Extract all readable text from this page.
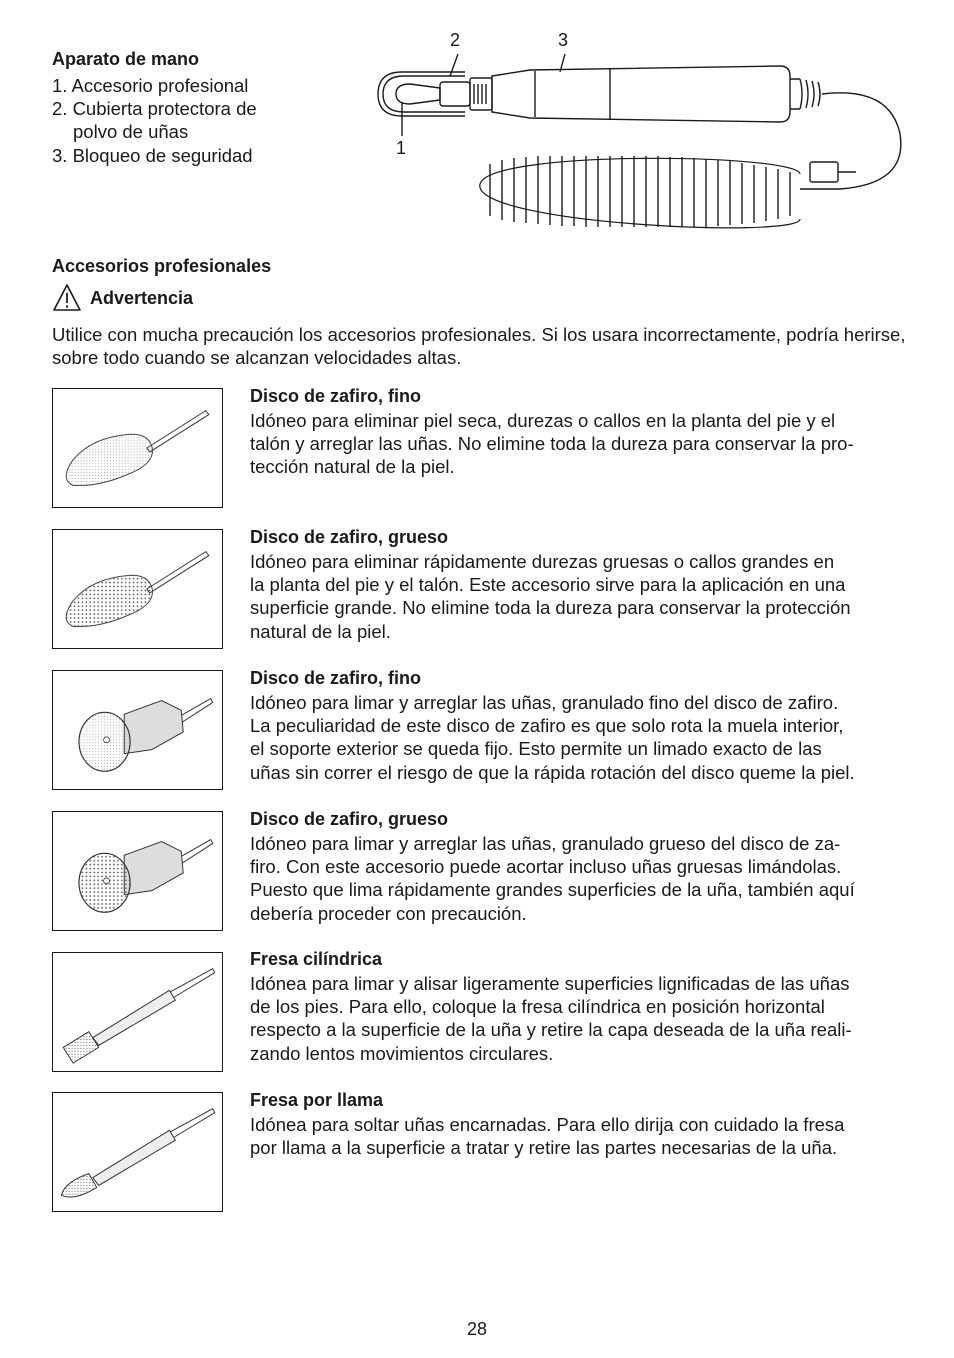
Aparato de mano
1. Accesorio profesional
2. Cubierta protectora de
polvo de uñas
3. Bloqueo de seguridad	1
2	3
Accesorios profesionales
Advertencia
Utilice con mucha precaución los accesorios profesionales. Si los usara incorrectamente, podría herirse, sobre todo cuando se alcanzan velocidades altas.
Disco de zafiro, fino
Idóneo para eliminar piel seca, durezas o callos en la planta del pie y el
talón y arreglar las uñas. No elimine toda la dureza para conservar la pro-
tección natural de la piel.
Disco de zafiro, grueso
Idóneo para eliminar rápidamente durezas gruesas o callos grandes en
la planta del pie y el talón. Este accesorio sirve para la aplicación en una
superficie grande. No elimine toda la dureza para conservar la protección
natural de la piel.
Disco de zafiro, fino
Idóneo para limar y arreglar las uñas, granulado fino del disco de zafiro.
La peculiaridad de este disco de zafiro es que solo rota la muela interior,
el soporte exterior se queda fijo. Esto permite un limado exacto de las
uñas sin correr el riesgo de que la rápida rotación del disco queme la piel.
Disco de zafiro, grueso
Idóneo para limar y arreglar las uñas, granulado grueso del disco de za-
firo. Con este accesorio puede acortar incluso uñas gruesas limándolas.
Puesto que lima rápidamente grandes superficies de la uña, también aquí
debería proceder con precaución.
Fresa cilíndrica
Idónea para limar y alisar ligeramente superficies lignificadas de las uñas
de los pies. Para ello, coloque la fresa cilíndrica en posición horizontal
respecto a la superficie de la uña y retire la capa deseada de la uña reali-
zando lentos movimientos circulares.
Fresa por llama
Idónea para soltar uñas encarnadas. Para ello dirija con cuidado la fresa
por llama a la superficie a tratar y retire las partes necesarias de la uña.
28
